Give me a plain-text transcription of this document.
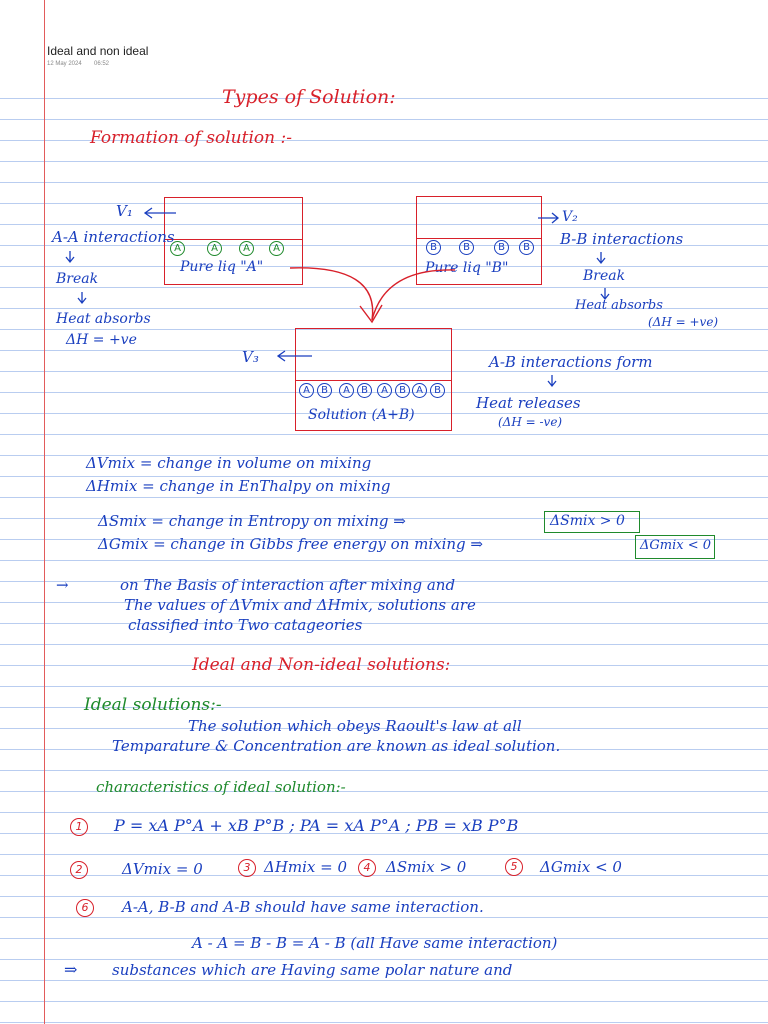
Ideal and non ideal
12 May 2024 06:52
Types of Solution:
Formation of solution :-
A	A	A	A
Pure liq "A"
B	B	B	B
Pure liq "B"
A	B	A	B	A	B	A	B
Solution (A+B)
V₁
A-A interactions
Break
Heat absorbs
ΔH = +ve
V₂
B-B interactions
Break
Heat absorbs
(ΔH = +ve)
V₃	A-B interactions form
Heat releases
(ΔH = -ve)
ΔVmix = change in volume on mixing
ΔHmix = change in EnThalpy on mixing
ΔSmix = change in Entropy on mixing ⇒	ΔSmix > 0
ΔGmix = change in Gibbs free energy on mixing ⇒	ΔGmix < 0
→	on The Basis of interaction after mixing and
The values of ΔVmix and ΔHmix, solutions are
classified into Two catageories
Ideal and Non-ideal solutions:
Ideal solutions:-
The solution which obeys Raoult's law at all
Temparature & Concentration are known as ideal solution.
characteristics of ideal solution:-
1	P = xA P°A + xB P°B ; PA = xA P°A ; PB = xB P°B
2	ΔVmix = 0	3 ΔHmix = 0	4	ΔSmix > 0	5	ΔGmix < 0
6	A-A, B-B and A-B should have same interaction.
A - A = B - B = A - B (all Have same interaction)
⇒ substances which are Having same polar nature and
